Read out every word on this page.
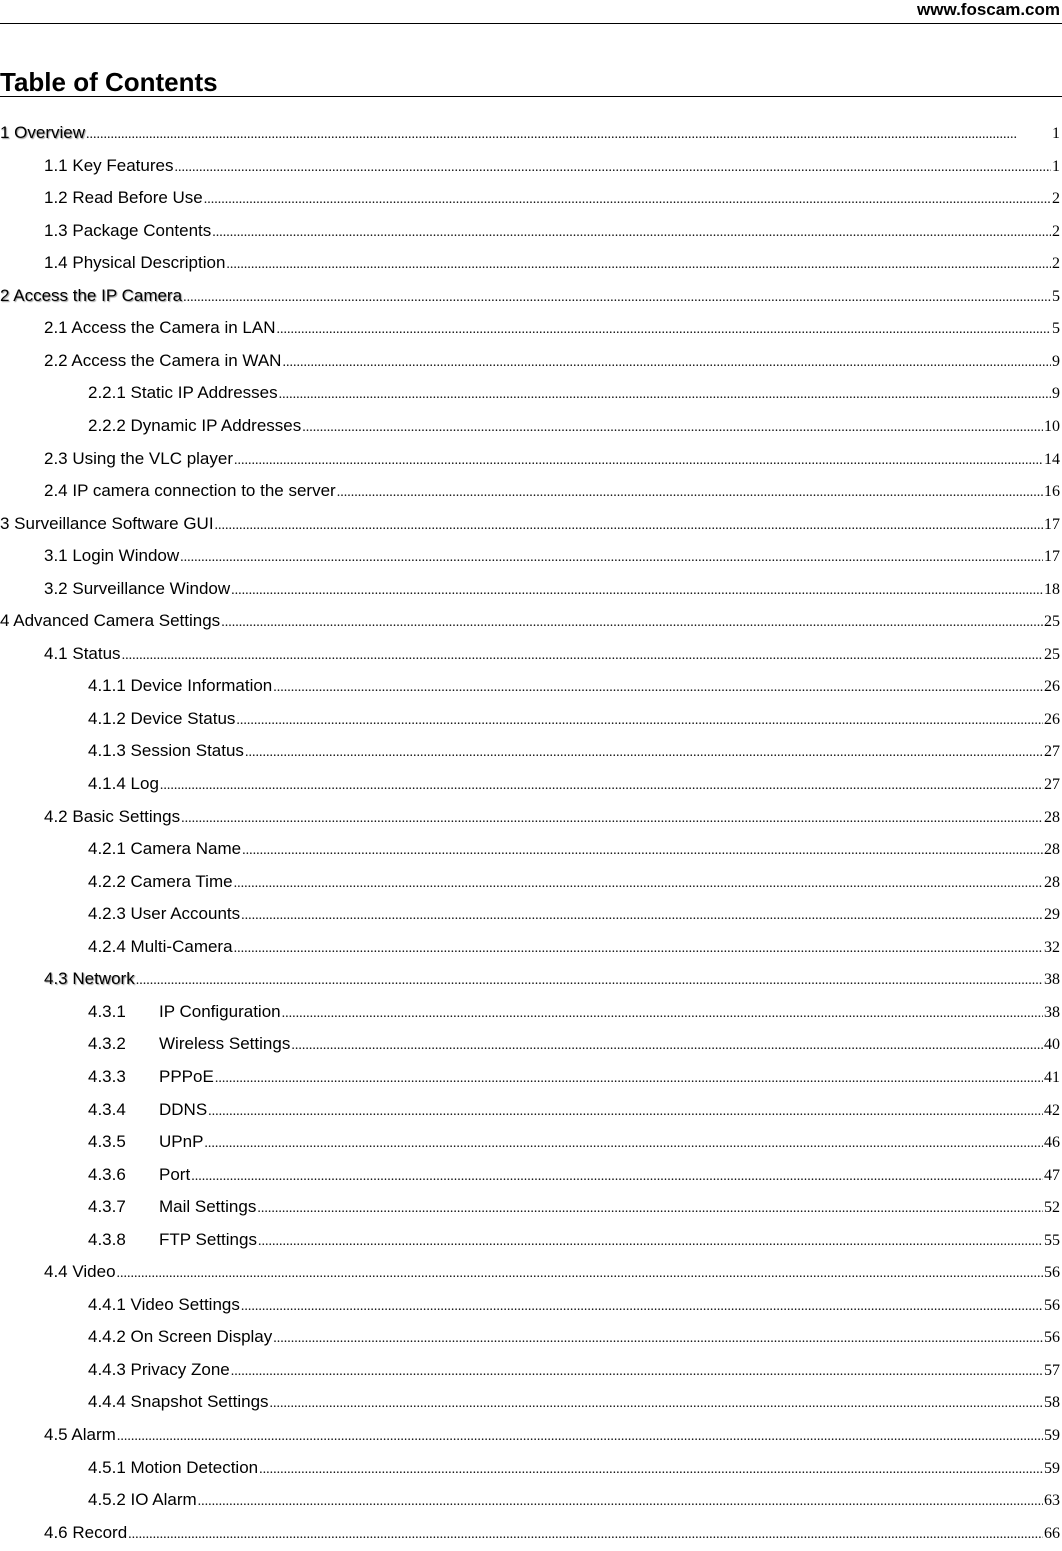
www.foscam.com
Table of Contents
1 Overview .....	1
1.1 Key Features .....	1
1.2 Read Before Use .....	2
1.3 Package Contents .....	2
1.4 Physical Description .....	2
2 Access the IP Camera .....	5
2.1 Access the Camera in LAN .....	5
2.2 Access the Camera in WAN .....	9
2.2.1 Static IP Addresses .....	9
2.2.2 Dynamic IP Addresses .....	10
2.3 Using the VLC player .....	14
2.4 IP camera connection to the server .....	16
3 Surveillance Software GUI .....	17
3.1 Login Window .....	17
3.2 Surveillance Window .....	18
4 Advanced Camera Settings .....	25
4.1 Status .....	25
4.1.1 Device Information .....	26
4.1.2 Device Status .....	26
4.1.3 Session Status .....	27
4.1.4 Log .....	27
4.2 Basic Settings .....	28
4.2.1 Camera Name .....	28
4.2.2 Camera Time .....	28
4.2.3 User Accounts .....	29
4.2.4 Multi-Camera .....	32
4.3 Network .....	38
4.3.1 IP Configuration .....	38
4.3.2 Wireless Settings .....	40
4.3.3 PPPoE .....	41
4.3.4 DDNS .....	42
4.3.5 UPnP .....	46
4.3.6 Port .....	47
4.3.7 Mail Settings .....	52
4.3.8 FTP Settings .....	55
4.4 Video .....	56
4.4.1 Video Settings .....	56
4.4.2 On Screen Display .....	56
4.4.3 Privacy Zone .....	57
4.4.4 Snapshot Settings .....	58
4.5 Alarm .....	59
4.5.1 Motion Detection .....	59
4.5.2 IO Alarm .....	63
4.6 Record .....	66
